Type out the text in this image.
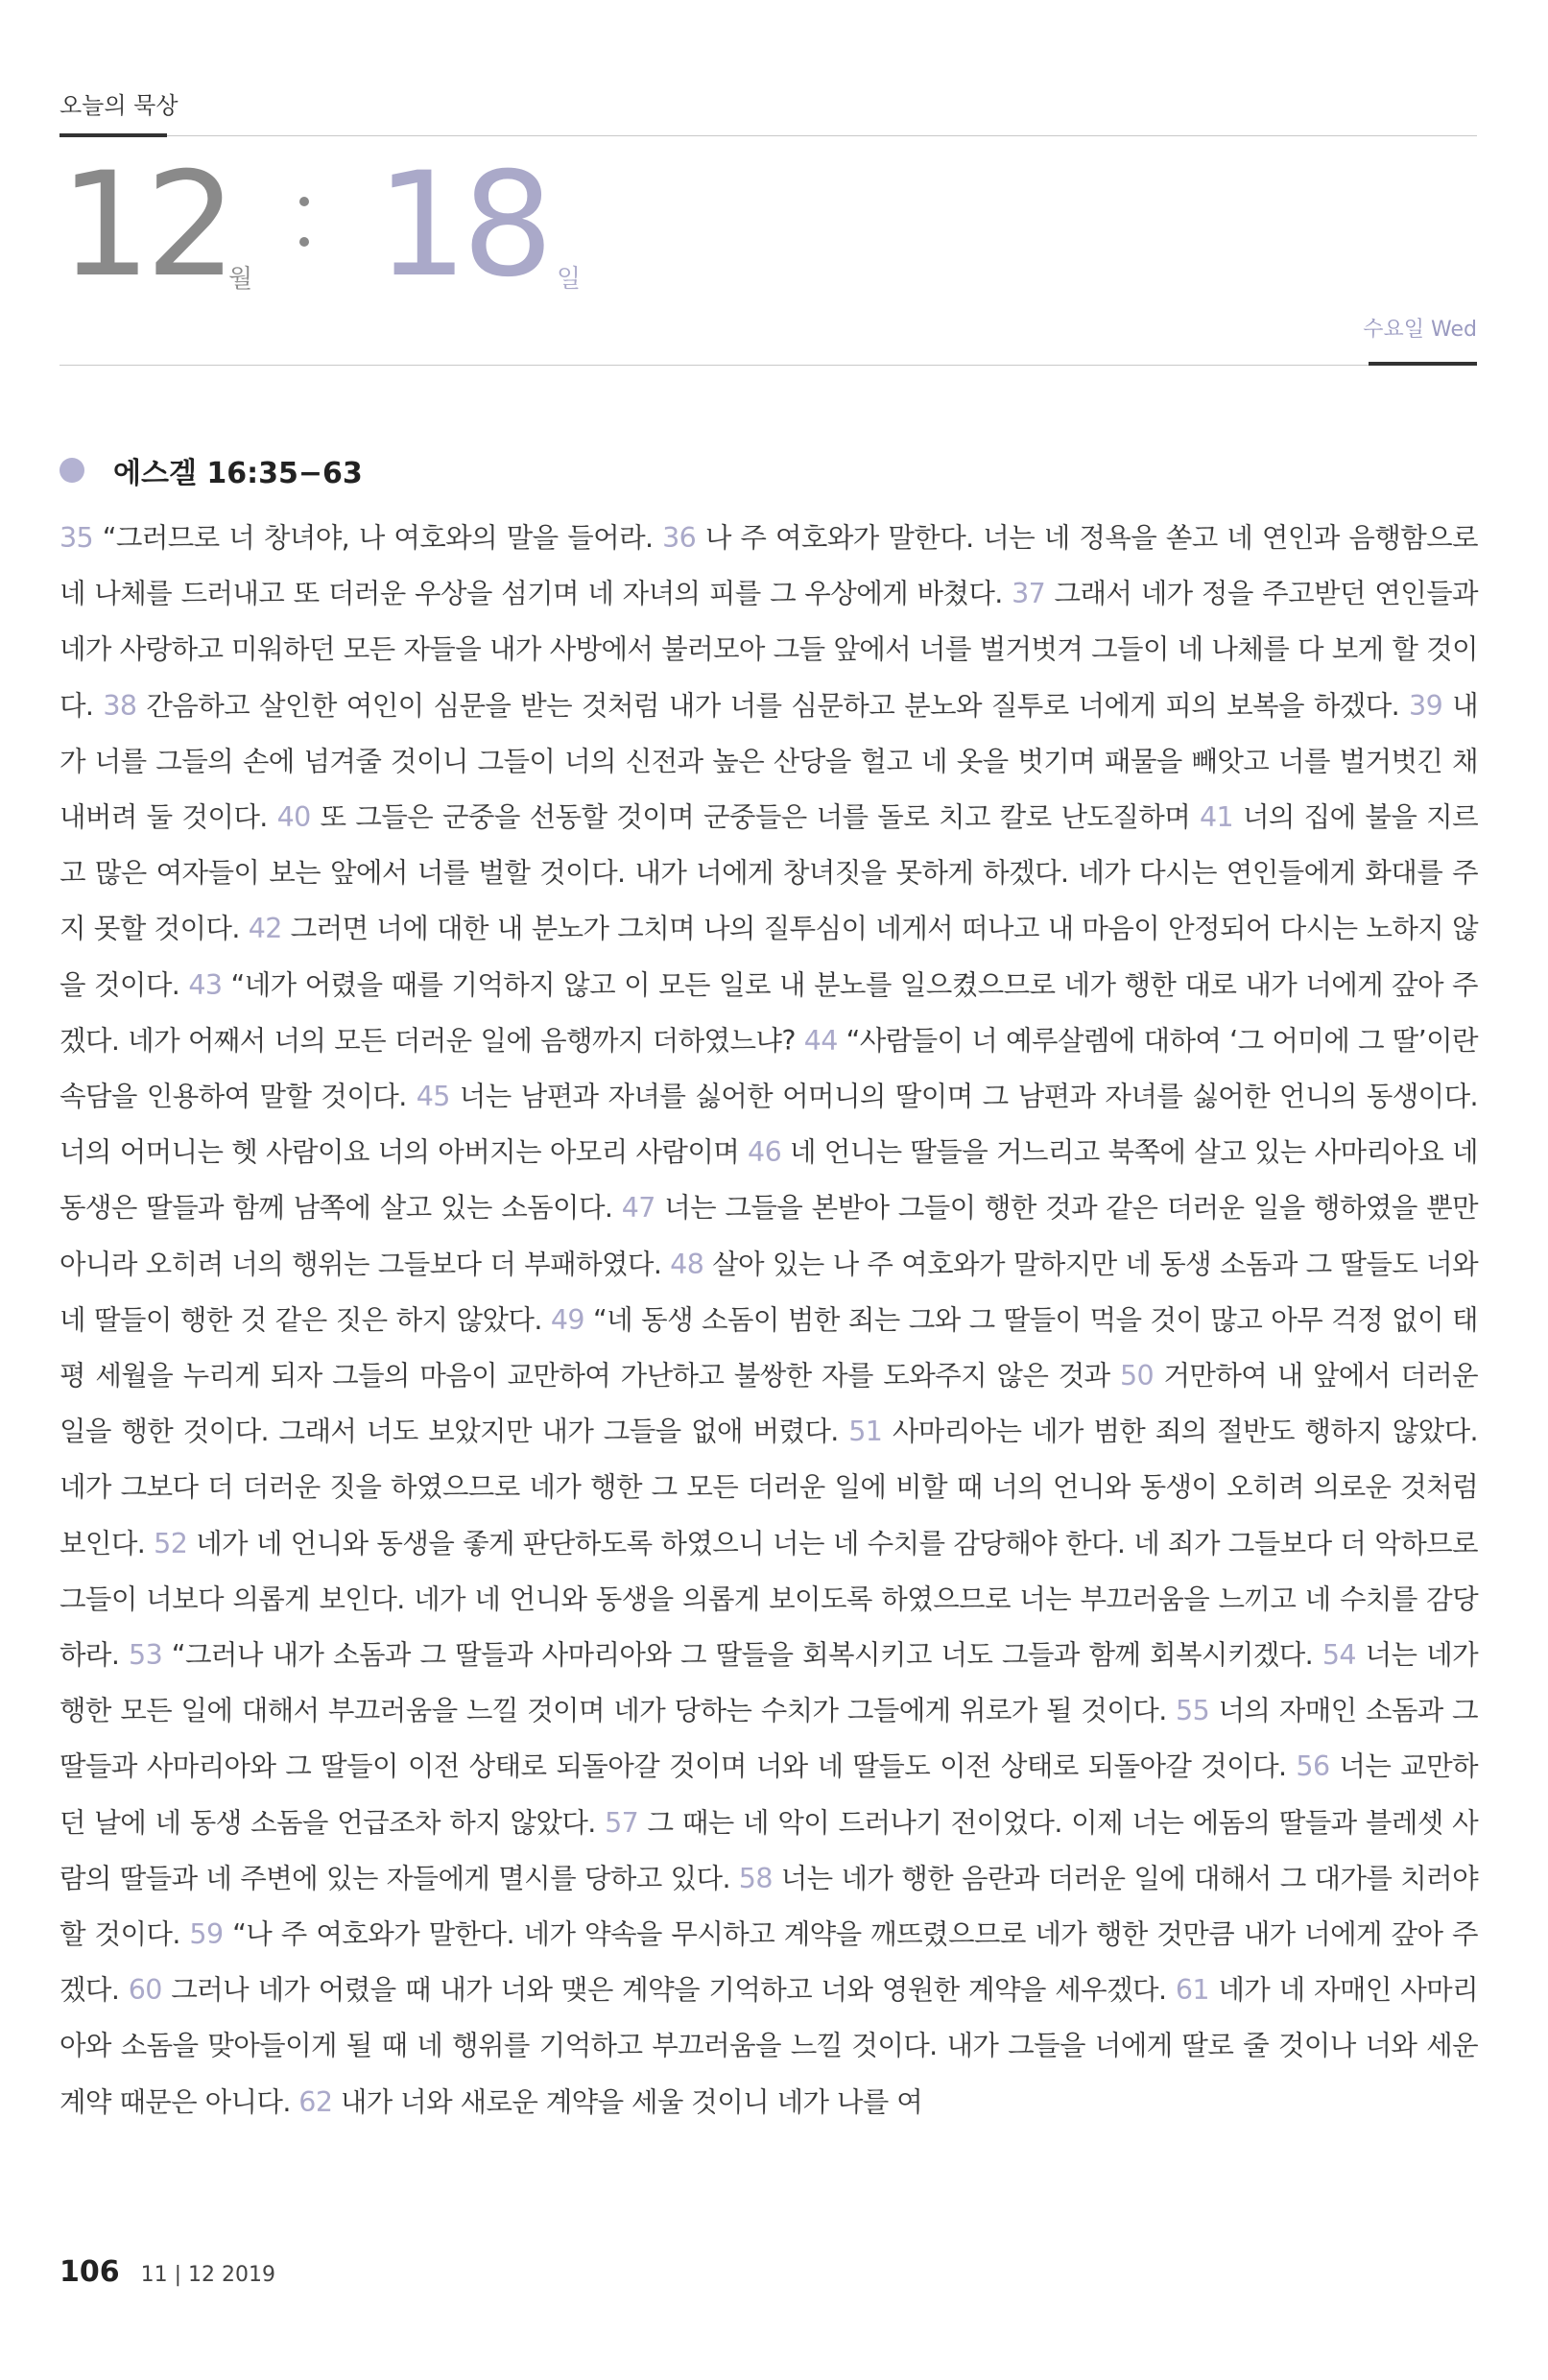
오늘의 묵상
12
월 18 일
수요일 Wed
에스겔 16:35−63
35 “그러므로 너 창녀야, 나 여호와의 말을 들어라. 36 나 주 여호와가 말한다. 너는 네 정욕을 쏟고 네 연인과 음행함으로 네 나체를 드러내고 또 더러운 우상을 섬기며 네 자녀의 피를 그 우상에게 바쳤다. 37 그래서 네가 정을 주고받던 연인들과 네가 사랑하고 미워하던 모든 자들을 내가 사방에서 불러모아 그들 앞에서 너를 벌거벗겨 그들이 네 나체를 다 보게 할 것이다. 38 간음하고 살인한 여인이 심문을 받는 것처럼 내가 너를 심문하고 분노와 질투로 너에게 피의 보복을 하겠다. 39 내가 너를 그들의 손에 넘겨줄 것이니 그들이 너의 신전과 높은 산당을 헐고 네 옷을 벗기며 패물을 빼앗고 너를 벌거벗긴 채 내버려 둘 것이다. 40 또 그들은 군중을 선동할 것이며 군중들은 너를 돌로 치고 칼로 난도질하며 41 너의 집에 불을 지르고 많은 여자들이 보는 앞에서 너를 벌할 것이다. 내가 너에게 창녀짓을 못하게 하겠다. 네가 다시는 연인들에게 화대를 주지 못할 것이다. 42 그러면 너에 대한 내 분노가 그치며 나의 질투심이 네게서 떠나고 내 마음이 안정되어 다시는 노하지 않을 것이다. 43 “네가 어렸을 때를 기억하지 않고 이 모든 일로 내 분노를 일으켰으므로 네가 행한 대로 내가 너에게 갚아 주겠다. 네가 어째서 너의 모든 더러운 일에 음행까지 더하였느냐? 44 “사람들이 너 예루살렘에 대하여 ‘그 어미에 그 딸’이란 속담을 인용하여 말할 것이다. 45 너는 남편과 자녀를 싫어한 어머니의 딸이며 그 남편과 자녀를 싫어한 언니의 동생이다. 너의 어머니는 헷 사람이요 너의 아버지는 아모리 사람이며 46 네 언니는 딸들을 거느리고 북쪽에 살고 있는 사마리아요 네 동생은 딸들과 함께 남쪽에 살고 있는 소돔이다. 47 너는 그들을 본받아 그들이 행한 것과 같은 더러운 일을 행하였을 뿐만 아니라 오히려 너의 행위는 그들보다 더 부패하였다. 48 살아 있는 나 주 여호와가 말하지만 네 동생 소돔과 그 딸들도 너와 네 딸들이 행한 것 같은 짓은 하지 않았다. 49 “네 동생 소돔이 범한 죄는 그와 그 딸들이 먹을 것이 많고 아무 걱정 없이 태평 세월을 누리게 되자 그들의 마음이 교만하여 가난하고 불쌍한 자를 도와주지 않은 것과 50 거만하여 내 앞에서 더러운 일을 행한 것이다. 그래서 너도 보았지만 내가 그들을 없애 버렸다. 51 사마리아는 네가 범한 죄의 절반도 행하지 않았다. 네가 그보다 더 더러운 짓을 하였으므로 네가 행한 그 모든 더러운 일에 비할 때 너의 언니와 동생이 오히려 의로운 것처럼 보인다. 52 네가 네 언니와 동생을 좋게 판단하도록 하였으니 너는 네 수치를 감당해야 한다. 네 죄가 그들보다 더 악하므로 그들이 너보다 의롭게 보인다. 네가 네 언니와 동생을 의롭게 보이도록 하였으므로 너는 부끄러움을 느끼고 네 수치를 감당하라. 53 “그러나 내가 소돔과 그 딸들과 사마리아와 그 딸들을 회복시키고 너도 그들과 함께 회복시키겠다. 54 너는 네가 행한 모든 일에 대해서 부끄러움을 느낄 것이며 네가 당하는 수치가 그들에게 위로가 될 것이다. 55 너의 자매인 소돔과 그 딸들과 사마리아와 그 딸들이 이전 상태로 되돌아갈 것이며 너와 네 딸들도 이전 상태로 되돌아갈 것이다. 56 너는 교만하던 날에 네 동생 소돔을 언급조차 하지 않았다. 57 그 때는 네 악이 드러나기 전이었다. 이제 너는 에돔의 딸들과 블레셋 사람의 딸들과 네 주변에 있는 자들에게 멸시를 당하고 있다. 58 너는 네가 행한 음란과 더러운 일에 대해서 그 대가를 치러야 할 것이다. 59 “나 주 여호와가 말한다. 네가 약속을 무시하고 계약을 깨뜨렸으므로 네가 행한 것만큼 내가 너에게 갚아 주겠다. 60 그러나 네가 어렸을 때 내가 너와 맺은 계약을 기억하고 너와 영원한 계약을 세우겠다. 61 네가 네 자매인 사마리아와 소돔을 맞아들이게 될 때 네 행위를 기억하고 부끄러움을 느낄 것이다. 내가 그들을 너에게 딸로 줄 것이나 너와 세운 계약 때문은 아니다. 62 내가 너와 새로운 계약을 세울 것이니 네가 나를 여
106 11 | 12 2019
